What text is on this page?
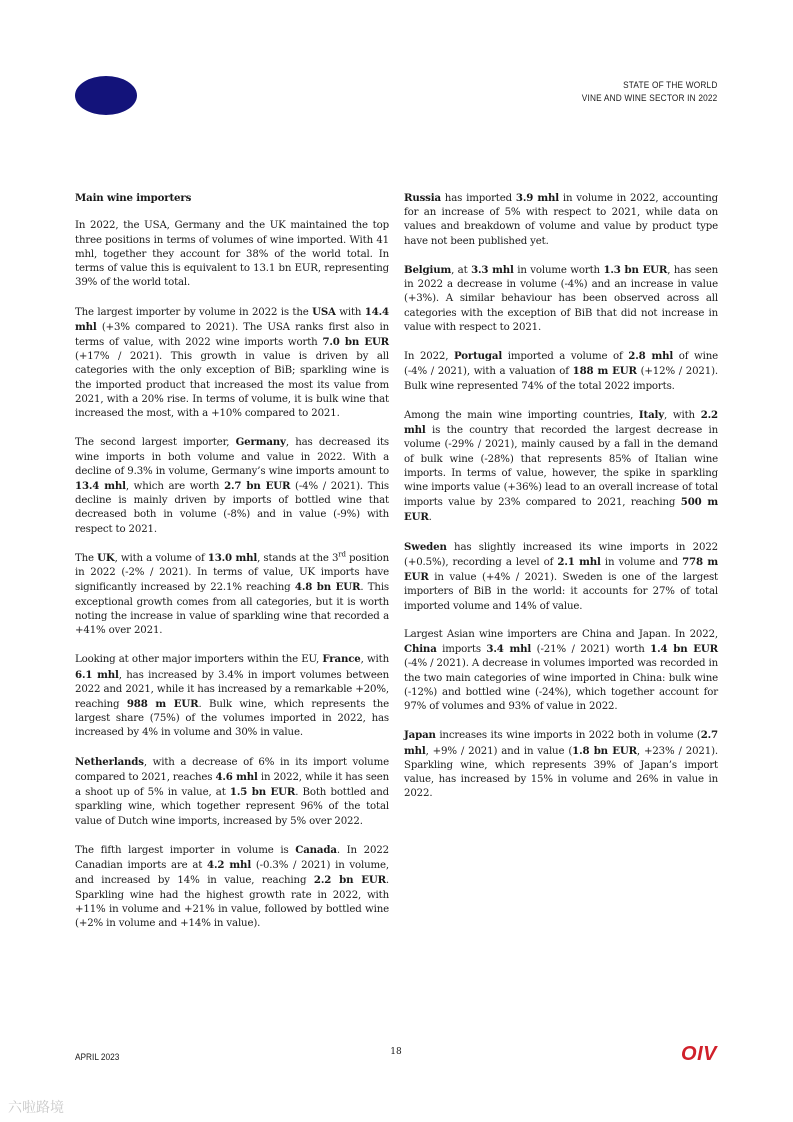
STATE OF THE WORLD
VINE AND WINE SECTOR IN 2022
Main wine importers

In 2022, the USA, Germany and the UK maintained the top three positions in terms of volumes of wine imported. With 41 mhl, together they account for 38% of the world total. In terms of value this is equivalent to 13.1 bn EUR, representing 39% of the world total.

The largest importer by volume in 2022 is the USA with 14.4 mhl (+3% compared to 2021). The USA ranks first also in terms of value, with 2022 wine imports worth 7.0 bn EUR (+17% / 2021). This growth in value is driven by all categories with the only exception of BiB; sparkling wine is the imported product that increased the most its value from 2021, with a 20% rise. In terms of volume, it is bulk wine that increased the most, with a +10% compared to 2021.

The second largest importer, Germany, has decreased its wine imports in both volume and value in 2022. With a decline of 9.3% in volume, Germany’s wine imports amount to 13.4 mhl, which are worth 2.7 bn EUR (-4% / 2021). This decline is mainly driven by imports of bottled wine that decreased both in volume (-8%) and in value (-9%) with respect to 2021.

The UK, with a volume of 13.0 mhl, stands at the 3rd position in 2022 (-2% / 2021). In terms of value, UK imports have significantly increased by 22.1% reaching 4.8 bn EUR. This exceptional growth comes from all categories, but it is worth noting the increase in value of sparkling wine that recorded a +41% over 2021.

Looking at other major importers within the EU, France, with 6.1 mhl, has increased by 3.4% in import volumes between 2022 and 2021, while it has increased by a remarkable +20%, reaching 988 m EUR. Bulk wine, which represents the largest share (75%) of the volumes imported in 2022, has increased by 4% in volume and 30% in value.

Netherlands, with a decrease of 6% in its import volume compared to 2021, reaches 4.6 mhl in 2022, while it has seen a shoot up of 5% in value, at 1.5 bn EUR. Both bottled and sparkling wine, which together represent 96% of the total value of Dutch wine imports, increased by 5% over 2022.

The fifth largest importer in volume is Canada. In 2022 Canadian imports are at 4.2 mhl (-0.3% / 2021) in volume, and increased by 14% in value, reaching 2.2 bn EUR. Sparkling wine had the highest growth rate in 2022, with +11% in volume and +21% in value, followed by bottled wine (+2% in volume and +14% in value).

Russia has imported 3.9 mhl in volume in 2022, accounting for an increase of 5% with respect to 2021, while data on values and breakdown of volume and value by product type have not been published yet.

Belgium, at 3.3 mhl in volume worth 1.3 bn EUR, has seen in 2022 a decrease in volume (-4%) and an increase in value (+3%). A similar behaviour has been observed across all categories with the exception of BiB that did not increase in value with respect to 2021.

In 2022, Portugal imported a volume of 2.8 mhl of wine (-4% / 2021), with a valuation of 188 m EUR (+12% / 2021). Bulk wine represented 74% of the total 2022 imports.

Among the main wine importing countries, Italy, with 2.2 mhl is the country that recorded the largest decrease in volume (-29% / 2021), mainly caused by a fall in the demand of bulk wine (-28%) that represents 85% of Italian wine imports. In terms of value, however, the spike in sparkling wine imports value (+36%) lead to an overall increase of total imports value by 23% compared to 2021, reaching 500 m EUR.

Sweden has slightly increased its wine imports in 2022 (+0.5%), recording a level of 2.1 mhl in volume and 778 m EUR in value (+4% / 2021). Sweden is one of the largest importers of BiB in the world: it accounts for 27% of total imported volume and 14% of value.

Largest Asian wine importers are China and Japan. In 2022, China imports 3.4 mhl (-21% / 2021) worth 1.4 bn EUR (-4% / 2021). A decrease in volumes imported was recorded in the two main categories of wine imported in China: bulk wine (-12%) and bottled wine (-24%), which together account for 97% of volumes and 93% of value in 2022.

Japan increases its wine imports in 2022 both in volume (2.7 mhl, +9% / 2021) and in value (1.8 bn EUR, +23% / 2021). Sparkling wine, which represents 39% of Japan’s import value, has increased by 15% in volume and 26% in value in 2022.

APRIL 2023	18	OIV
六啦路境
